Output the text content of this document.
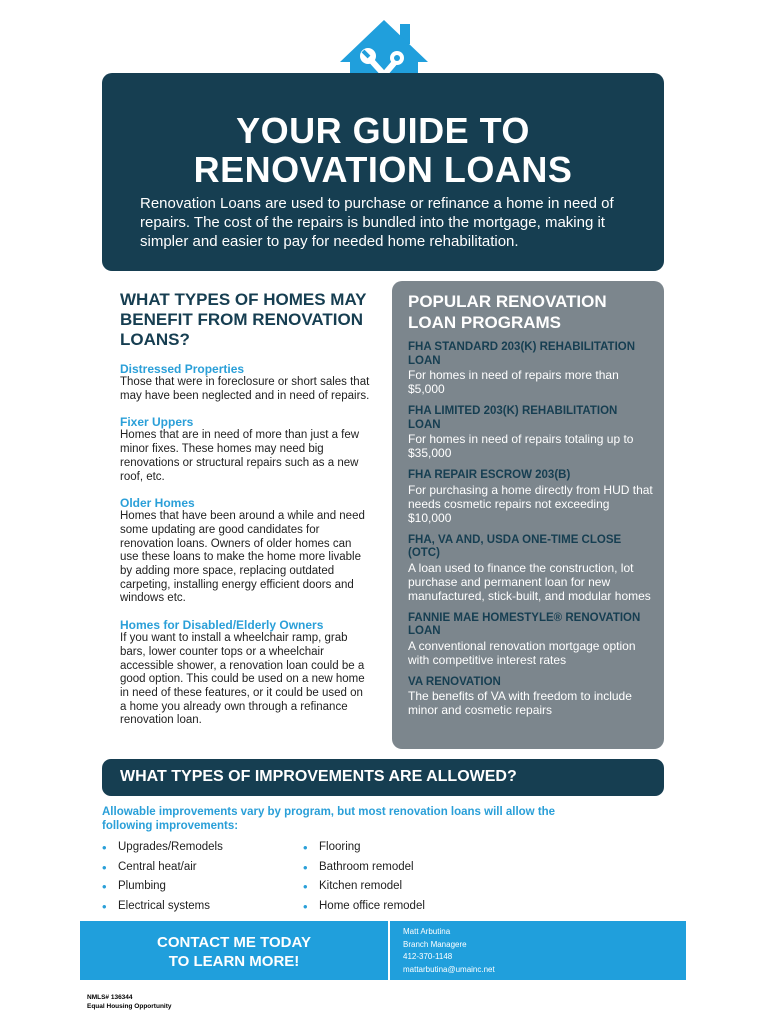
YOUR GUIDE TO
RENOVATION LOANS

Renovation Loans are used to purchase or refinance a home in need of repairs. The cost of the repairs is bundled into the mortgage, making it simpler and easier to pay for needed home rehabilitation.

WHAT TYPES OF HOMES MAY BENEFIT FROM RENOVATION LOANS?

Distressed Properties

Those that were in foreclosure or short sales that may have been neglected and in need of repairs.

Fixer Uppers

Homes that are in need of more than just a few minor fixes. These homes may need big renovations or structural repairs such as a new roof, etc.

Older Homes

Homes that have been around a while and need some updating are good candidates for renovation loans. Owners of older homes can use these loans to make the home more livable by adding more space, replacing outdated carpeting, installing energy efficient doors and windows etc.

Homes for Disabled/Elderly Owners

If you want to install a wheelchair ramp, grab bars, lower counter tops or a wheelchair accessible shower, a renovation loan could be a good option. This could be used on a new home in need of these features, or it could be used on a home you already own through a refinance renovation loan.

POPULAR RENOVATION LOAN PROGRAMS

FHA STANDARD 203(K) REHABILITATION LOAN

For homes in need of repairs more than $5,000

FHA LIMITED 203(K) REHABILITATION LOAN

For homes in need of repairs totaling up to $35,000

FHA REPAIR ESCROW 203(B)

For purchasing a home directly from HUD that needs cosmetic repairs not exceeding $10,000

FHA, VA AND, USDA ONE-TIME CLOSE (OTC)

A loan used to finance the construction, lot purchase and permanent loan for new manufactured, stick-built, and modular homes

FANNIE MAE HOMESTYLE® RENOVATION LOAN

A conventional renovation mortgage option with competitive interest rates

VA RENOVATION

The benefits of VA with freedom to include minor and cosmetic repairs

WHAT TYPES OF IMPROVEMENTS ARE ALLOWED?

Allowable improvements vary by program, but most renovation loans will allow the following improvements:

• Upgrades/Remodels
• Central heat/air
• Plumbing
• Electrical systems
• Flooring
• Bathroom remodel
• Kitchen remodel
• Home office remodel

CONTACT ME TODAY
TO LEARN MORE!

Matt Arbutina
Branch Managere
412-370-1148
mattarbutina@umainc.net
NMLS# 136344
Equal Housing Opportunity
